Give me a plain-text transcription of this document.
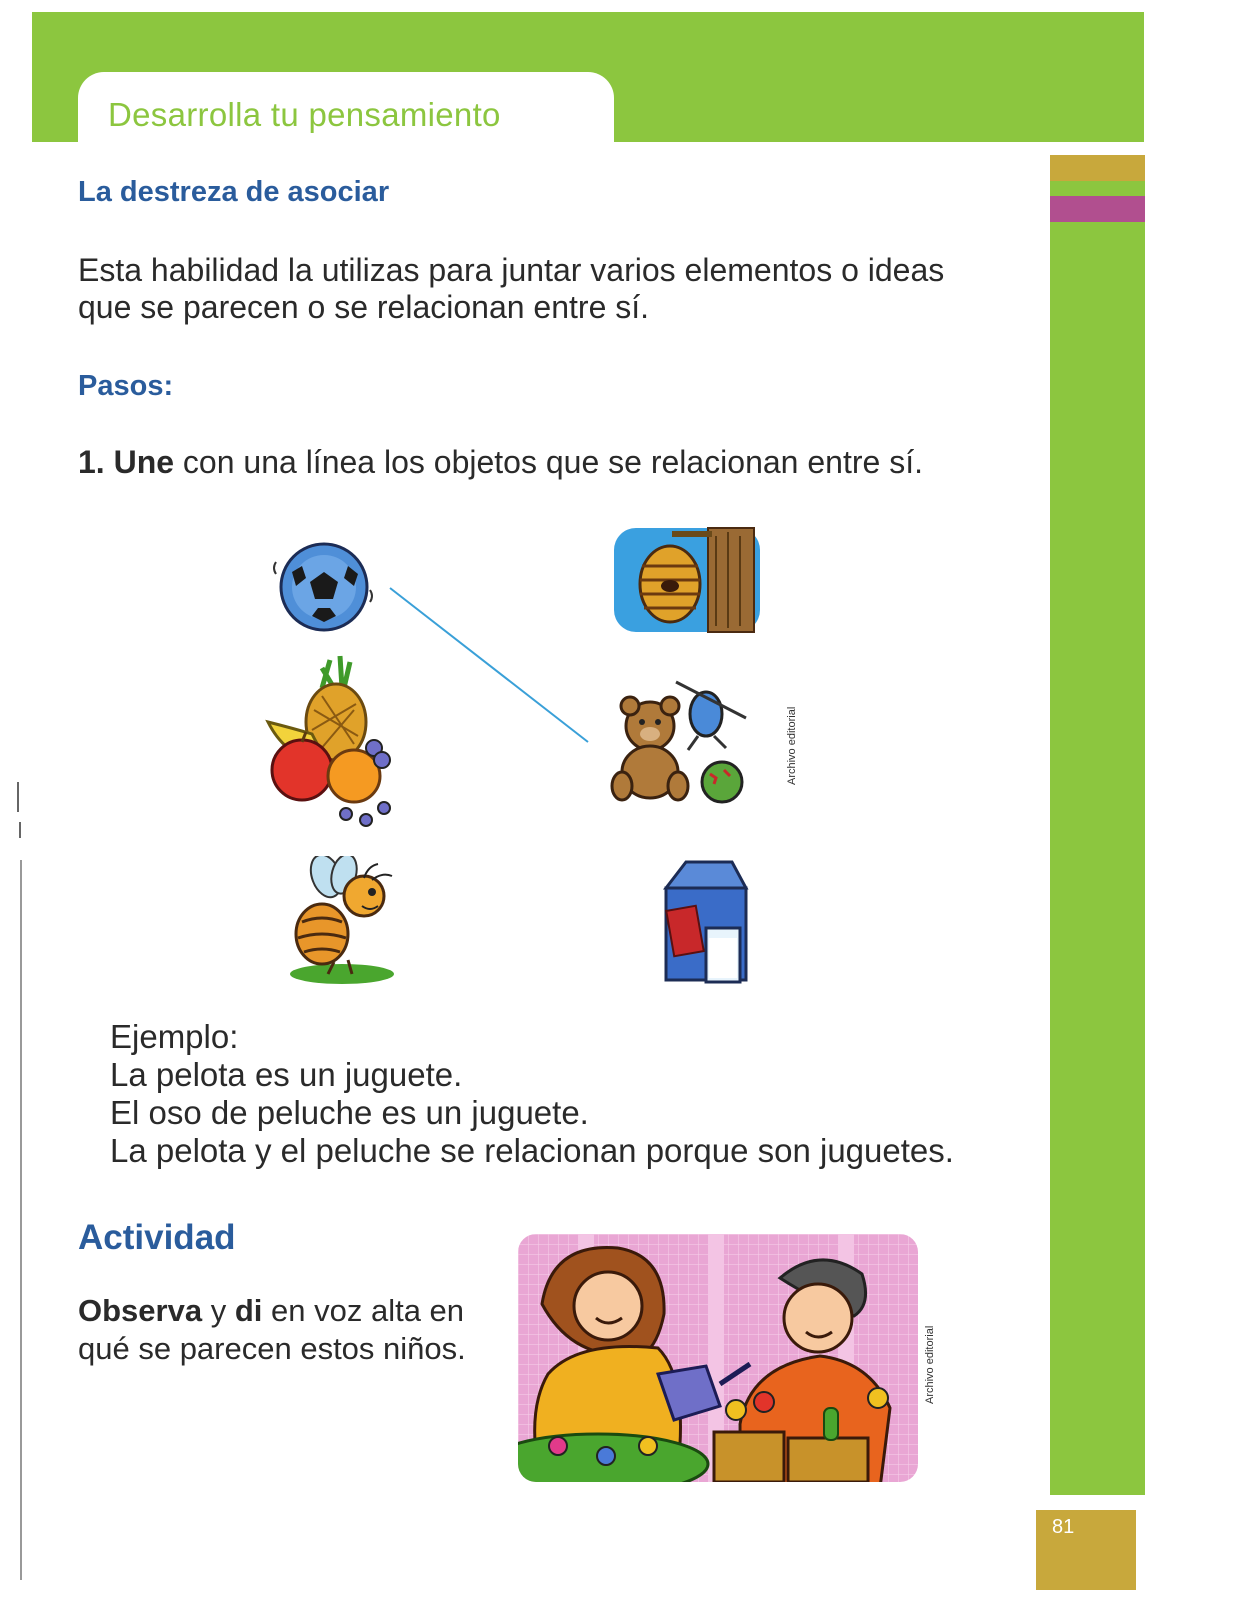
Desarrolla tu pensamiento
81
La destreza de asociar

Esta habilidad la utilizas para juntar varios elementos o ideas que se parecen o se relacionan entre sí.

Pasos:

1. Une con una línea los objetos que se relacionan entre sí.

Archivo editorial
Ejemplo:
La pelota es un juguete.
El oso de peluche es un juguete.
La pelota y el peluche se relacionan porque son juguetes.
Actividad

Observa y di en voz alta en qué se parecen estos niños.	Archivo editorial
